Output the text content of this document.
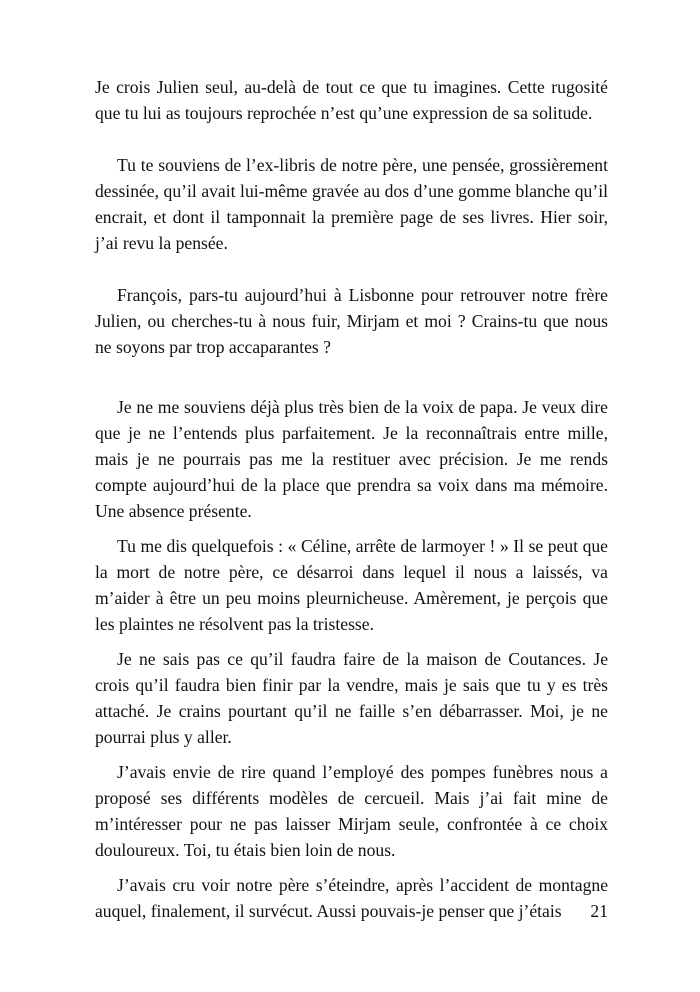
Je crois Julien seul, au-delà de tout ce que tu imagines. Cette rugosité que tu lui as toujours reprochée n’est qu’une expression de sa solitude.

Tu te souviens de l’ex-libris de notre père, une pensée, grossièrement dessinée, qu’il avait lui-même gravée au dos d’une gomme blanche qu’il encrait, et dont il tamponnait la première page de ses livres. Hier soir, j’ai revu la pensée.

François, pars-tu aujourd’hui à Lisbonne pour retrouver notre frère Julien, ou cherches-tu à nous fuir, Mirjam et moi ? Crains-tu que nous ne soyons par trop accaparantes ?

Je ne me souviens déjà plus très bien de la voix de papa. Je veux dire que je ne l’entends plus parfaitement. Je la reconnaîtrais entre mille, mais je ne pourrais pas me la restituer avec précision. Je me rends compte aujourd’hui de la place que prendra sa voix dans ma mémoire. Une absence présente.

Tu me dis quelquefois : « Céline, arrête de larmoyer ! » Il se peut que la mort de notre père, ce désarroi dans lequel il nous a laissés, va m’aider à être un peu moins pleurnicheuse. Amèrement, je perçois que les plaintes ne résolvent pas la tristesse.

Je ne sais pas ce qu’il faudra faire de la maison de Coutances. Je crois qu’il faudra bien finir par la vendre, mais je sais que tu y es très attaché. Je crains pourtant qu’il ne faille s’en débarrasser. Moi, je ne pourrai plus y aller.

J’avais envie de rire quand l’employé des pompes funèbres nous a proposé ses différents modèles de cercueil. Mais j’ai fait mine de m’intéresser pour ne pas laisser Mirjam seule, confrontée à ce choix douloureux. Toi, tu étais bien loin de nous.

J’avais cru voir notre père s’éteindre, après l’accident de montagne auquel, finalement, il survécut. Aussi pouvais-je penser que j’étais	21
